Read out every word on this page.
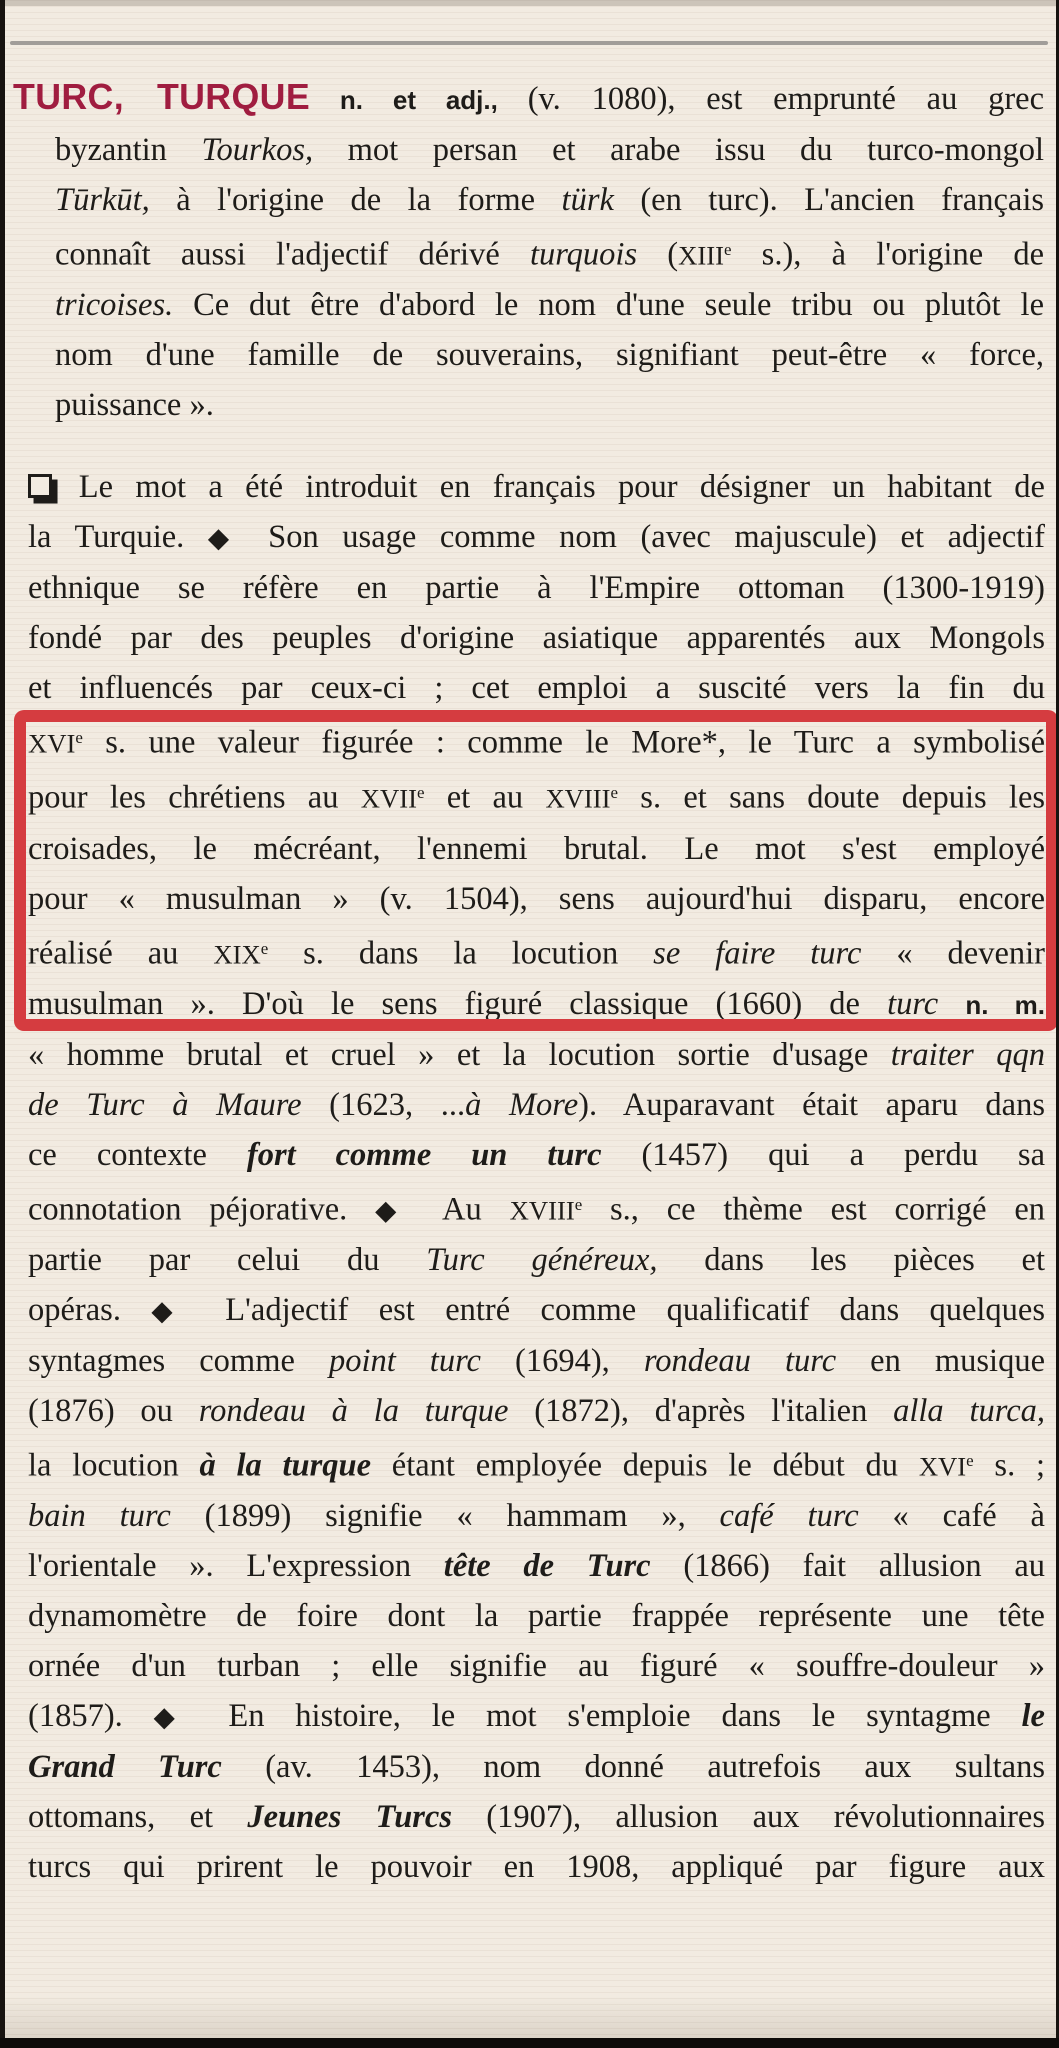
TURC, TURQUE n. et adj., (v. 1080), est emprunté au grec
byzantin Tourkos, mot persan et arabe issu du turco-mongol
Tūrkūt, à l'origine de la forme türk (en turc). L'ancien français
connaît aussi l'adjectif dérivé turquois (XIIIe s.), à l'origine de
tricoises. Ce dut être d'abord le nom d'une seule tribu ou plutôt le
nom d'une famille de souverains, signifiant peut-être « force,
puissance ».
Le mot a été introduit en français pour désigner un habitant de
la Turquie. ◆ Son usage comme nom (avec majuscule) et adjectif
ethnique se réfère en partie à l'Empire ottoman (1300-1919)
fondé par des peuples d'origine asiatique apparentés aux Mongols
et influencés par ceux-ci ; cet emploi a suscité vers la fin du
XVIe s. une valeur figurée : comme le More*, le Turc a symbolisé
pour les chrétiens au XVIIe et au XVIIIe s. et sans doute depuis les
croisades, le mécréant, l'ennemi brutal. Le mot s'est employé
pour « musulman » (v. 1504), sens aujourd'hui disparu, encore
réalisé au XIXe s. dans la locution se faire turc « devenir
musulman ». D'où le sens figuré classique (1660) de turc n. m.
« homme brutal et cruel » et la locution sortie d'usage traiter qqn
de Turc à Maure (1623, ...à More). Auparavant était aparu dans
ce contexte fort comme un turc (1457) qui a perdu sa
connotation péjorative. ◆ Au XVIIIe s., ce thème est corrigé en
partie par celui du Turc généreux, dans les pièces et
opéras. ◆ L'adjectif est entré comme qualificatif dans quelques
syntagmes comme point turc (1694), rondeau turc en musique
(1876) ou rondeau à la turque (1872), d'après l'italien alla turca,
la locution à la turque étant employée depuis le début du XVIe s. ;
bain turc (1899) signifie « hammam », café turc « café à
l'orientale ». L'expression tête de Turc (1866) fait allusion au
dynamomètre de foire dont la partie frappée représente une tête
ornée d'un turban ; elle signifie au figuré « souffre-douleur »
(1857). ◆ En histoire, le mot s'emploie dans le syntagme le
Grand Turc (av. 1453), nom donné autrefois aux sultans
ottomans, et Jeunes Turcs (1907), allusion aux révolutionnaires
turcs qui prirent le pouvoir en 1908, appliqué par figure aux
